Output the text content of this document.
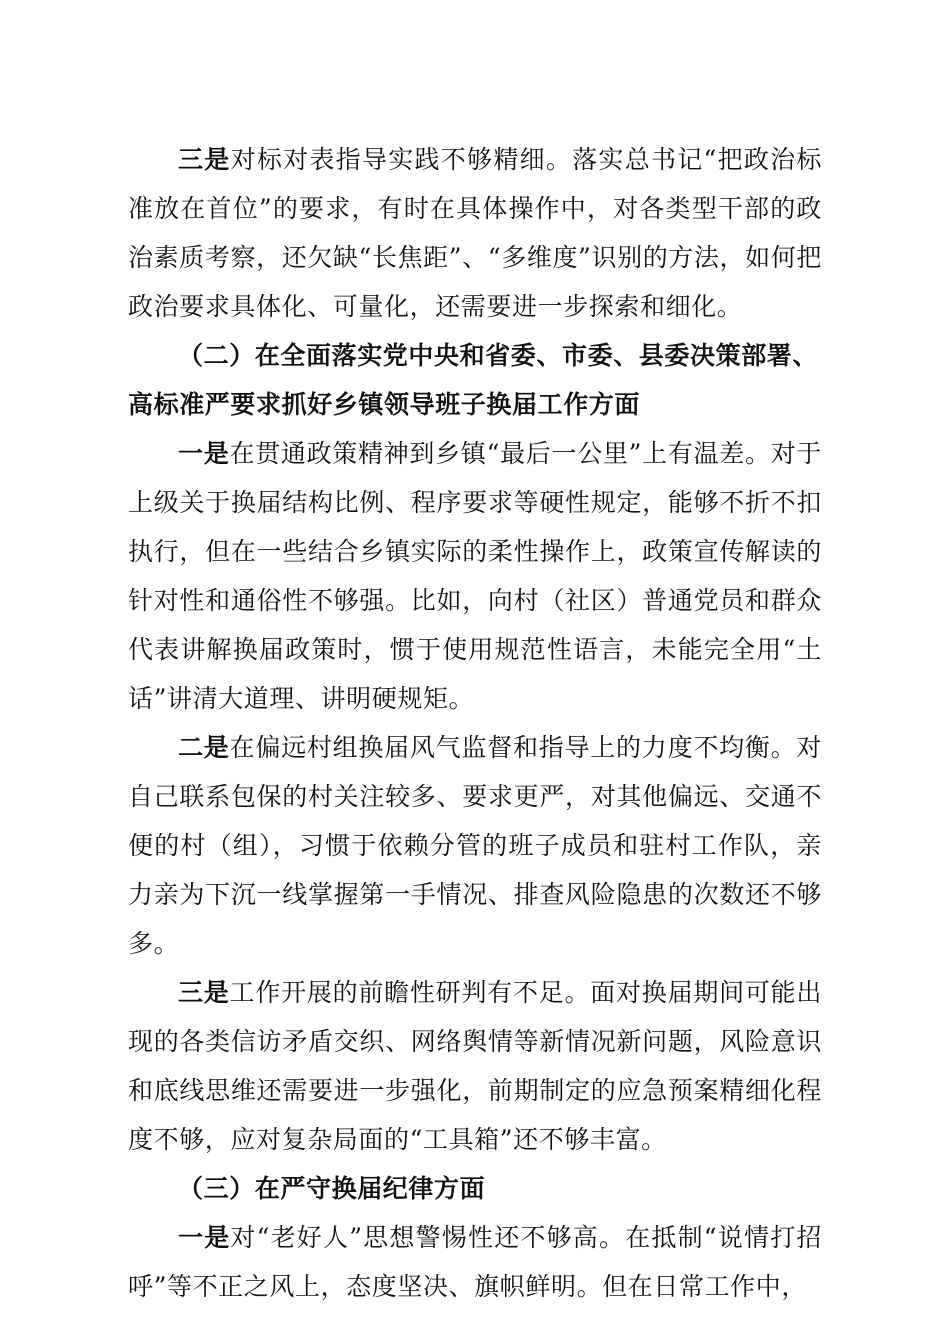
三是对标对表指导实践不够精细。落实总书记“把政治标准放在首位”的要求，有时在具体操作中，对各类型干部的政治素质考察，还欠缺“长焦距”、“多维度”识别的方法，如何把政治要求具体化、可量化，还需要进一步探索和细化。

（二）在全面落实党中央和省委、市委、县委决策部署、高标准严要求抓好乡镇领导班子换届工作方面

一是在贯通政策精神到乡镇“最后一公里”上有温差。对于上级关于换届结构比例、程序要求等硬性规定，能够不折不扣执行，但在一些结合乡镇实际的柔性操作上，政策宣传解读的针对性和通俗性不够强。比如，向村（社区）普通党员和群众代表讲解换届政策时，惯于使用规范性语言，未能完全用“土话”讲清大道理、讲明硬规矩。

二是在偏远村组换届风气监督和指导上的力度不均衡。对自己联系包保的村关注较多、要求更严，对其他偏远、交通不便的村（组），习惯于依赖分管的班子成员和驻村工作队，亲力亲为下沉一线掌握第一手情况、排查风险隐患的次数还不够多。

三是工作开展的前瞻性研判有不足。面对换届期间可能出现的各类信访矛盾交织、网络舆情等新情况新问题，风险意识和底线思维还需要进一步强化，前期制定的应急预案精细化程度不够，应对复杂局面的“工具箱”还不够丰富。

（三）在严守换届纪律方面

一是对“老好人”思想警惕性还不够高。在抵制“说情打招呼”等不正之风上，态度坚决、旗帜鲜明。但在日常工作中，
